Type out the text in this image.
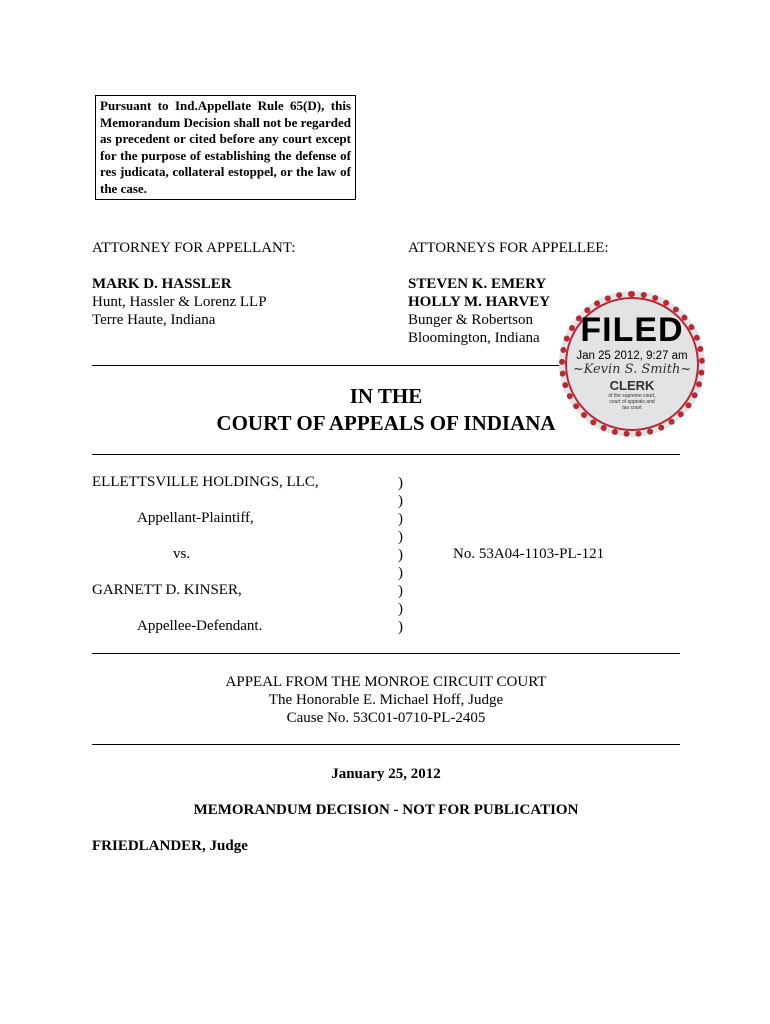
Pursuant to Ind.Appellate Rule 65(D), this Memorandum Decision shall not be regarded as precedent or cited before any court except for the purpose of establishing the defense of res judicata, collateral estoppel, or the law of the case.
ATTORNEY FOR APPELLANT:
MARK D. HASSLER
Hunt, Hassler & Lorenz LLP
Terre Haute, Indiana
ATTORNEYS FOR APPELLEE:
STEVEN K. EMERY
HOLLY M. HARVEY
Bunger & Robertson
Bloomington, Indiana
IN THE
COURT OF APPEALS OF INDIANA
FILED
Jan 25 2012, 9:27 am
~Kevin S. Smith~
CLERK
of the supreme court, court of appeals and tax court
ELLETTSVILLE HOLDINGS, LLC,
Appellant-Plaintiff,
vs.
GARNETT D. KINSER,
Appellee-Defendant.
)
)
)
)
)
)
)
)
)
No. 53A04-1103-PL-121
APPEAL FROM THE MONROE CIRCUIT COURT
The Honorable E. Michael Hoff, Judge
Cause No. 53C01-0710-PL-2405
January 25, 2012
MEMORANDUM DECISION - NOT FOR PUBLICATION
FRIEDLANDER, Judge
